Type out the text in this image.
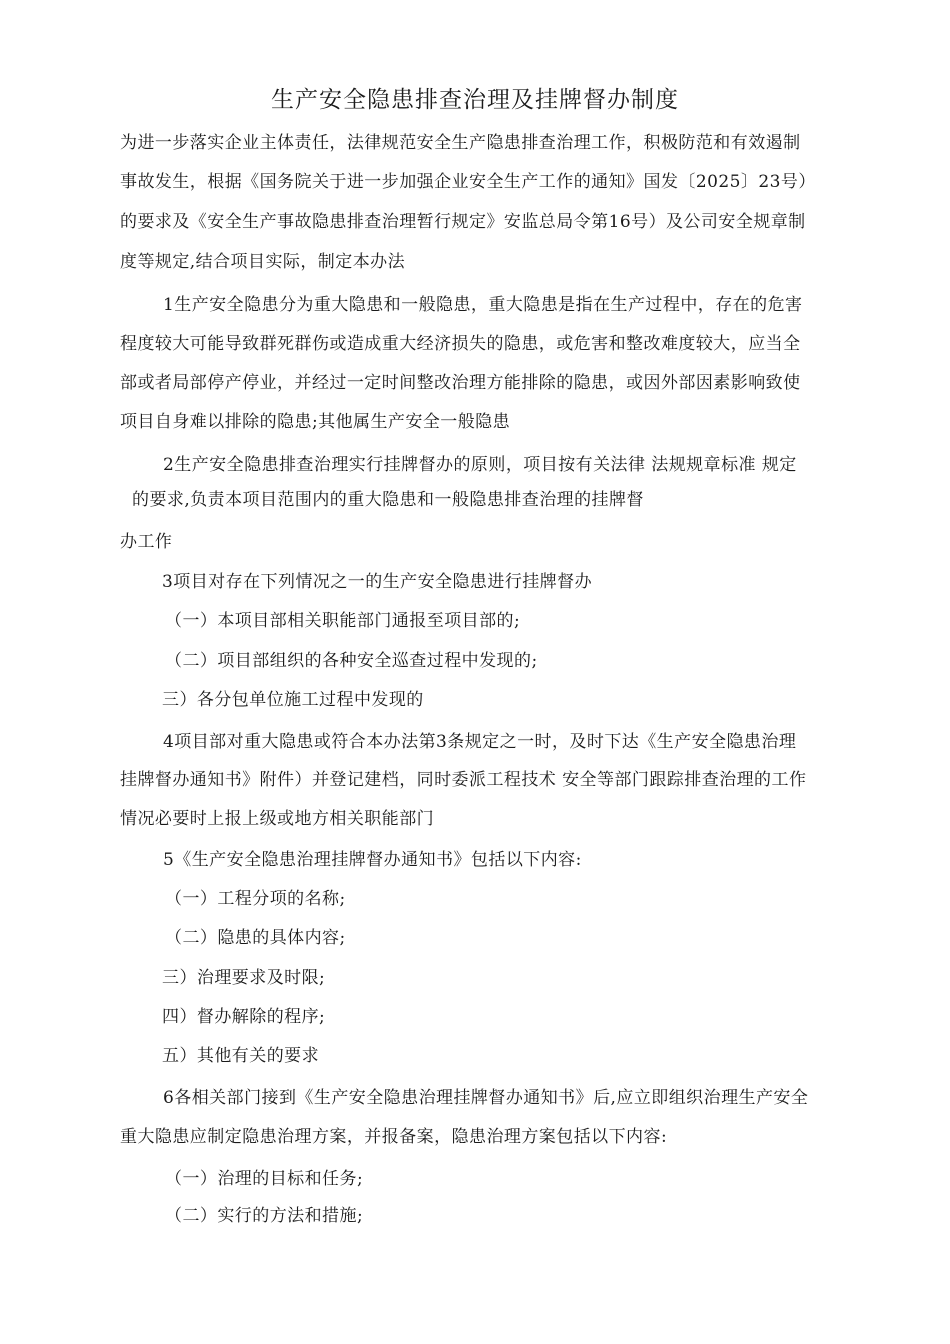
生产安全隐患排查治理及挂牌督办制度
为进一步落实企业主体责任，法律规范安全生产隐患排查治理工作，积极防范和有效遏制
事故发生，根据《国务院关于进一步加强企业安全生产工作的通知》国发〔2025〕23号）
的要求及《安全生产事故隐患排查治理暂行规定》安监总局令第16号）及公司安全规章制
度等规定,结合项目实际，制定本办法
1生产安全隐患分为重大隐患和一般隐患，重大隐患是指在生产过程中，存在的危害
程度较大可能导致群死群伤或造成重大经济损失的隐患，或危害和整改难度较大，应当全
部或者局部停产停业，并经过一定时间整改治理方能排除的隐患，或因外部因素影响致使
项目自身难以排除的隐患;其他属生产安全一般隐患
2生产安全隐患排查治理实行挂牌督办的原则，项目按有关法律 法规规章标准 规定
的要求,负责本项目范围内的重大隐患和一般隐患排查治理的挂牌督
办工作
3项目对存在下列情况之一的生产安全隐患进行挂牌督办
（一）本项目部相关职能部门通报至项目部的;
（二）项目部组织的各种安全巡查过程中发现的;
三）各分包单位施工过程中发现的
4项目部对重大隐患或符合本办法第3条规定之一时，及时下达《生产安全隐患治理
挂牌督办通知书》附件）并登记建档，同时委派工程技术 安全等部门跟踪排查治理的工作
情况必要时上报上级或地方相关职能部门
5《生产安全隐患治理挂牌督办通知书》包括以下内容:
（一）工程分项的名称;
（二）隐患的具体内容;
三）治理要求及时限;
四）督办解除的程序;
五）其他有关的要求
6各相关部门接到《生产安全隐患治理挂牌督办通知书》后,应立即组织治理生产安全
重大隐患应制定隐患治理方案，并报备案，隐患治理方案包括以下内容:
（一）治理的目标和任务;
（二）实行的方法和措施;
